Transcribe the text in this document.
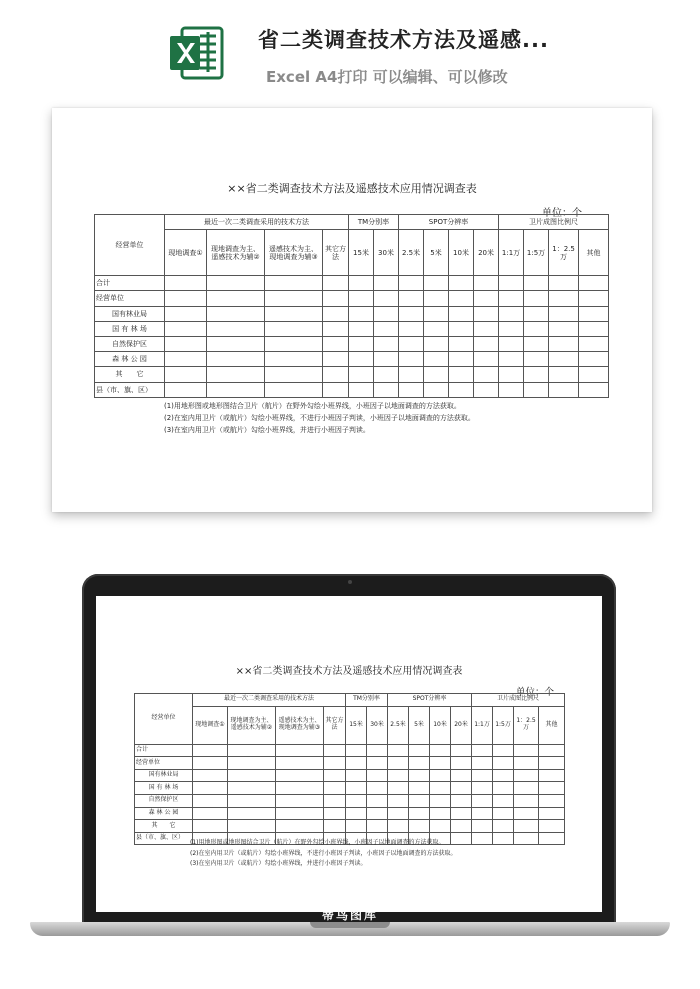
省二类调查技术方法及遥感...
Excel A4打印 可以编辑、可以修改
××省二类调查技术方法及遥感技术应用情况调查表
单位：个
经营单位	最近一次二类调查采用的技术方法				TM分别率		SPOT分辨率				卫片成图比例尺			
	现地调查①	现地调查为主、遥感技术为辅②	遥感技术为主、现地调查为辅③	其它方法	15米	30米	2.5米	5米	10米	20米	1:1万	1:5万	1：2.5万	其他
合计														
经营单位														
国有林业局														
国 有 林 场														
自然保护区														
森 林 公 园														
其　　它														
县（市、旗、区）														
(1)用地形图或地形图结合卫片（航片）在野外勾绘小班界线，小班因子以地面调查的方法获取。
(2)在室内用卫片（或航片）勾绘小班界线，不进行小班因子判读，小班因子以地面调查的方法获取。
(3)在室内用卫片（或航片）勾绘小班界线，并进行小班因子判读。
××省二类调查技术方法及遥感技术应用情况调查表
单位：个
经营单位	最近一次二类调查采用的技术方法				TM分别率		SPOT分辨率				卫片成图比例尺			
	现地调查①	现地调查为主、遥感技术为辅②	遥感技术为主、现地调查为辅③	其它方法	15米	30米	2.5米	5米	10米	20米	1:1万	1:5万	1：2.5万	其他
合计														
经营单位														
国有林业局														
国 有 林 场														
自然保护区														
森 林 公 园														
其　　它														
县（市、旗、区）														
(1)用地形图或地形图结合卫片（航片）在野外勾绘小班界线，小班因子以地面调查的方法获取。
(2)在室内用卫片（或航片）勾绘小班界线，不进行小班因子判读，小班因子以地面调查的方法获取。
(3)在室内用卫片（或航片）勾绘小班界线，并进行小班因子判读。
蒂鸟图库
